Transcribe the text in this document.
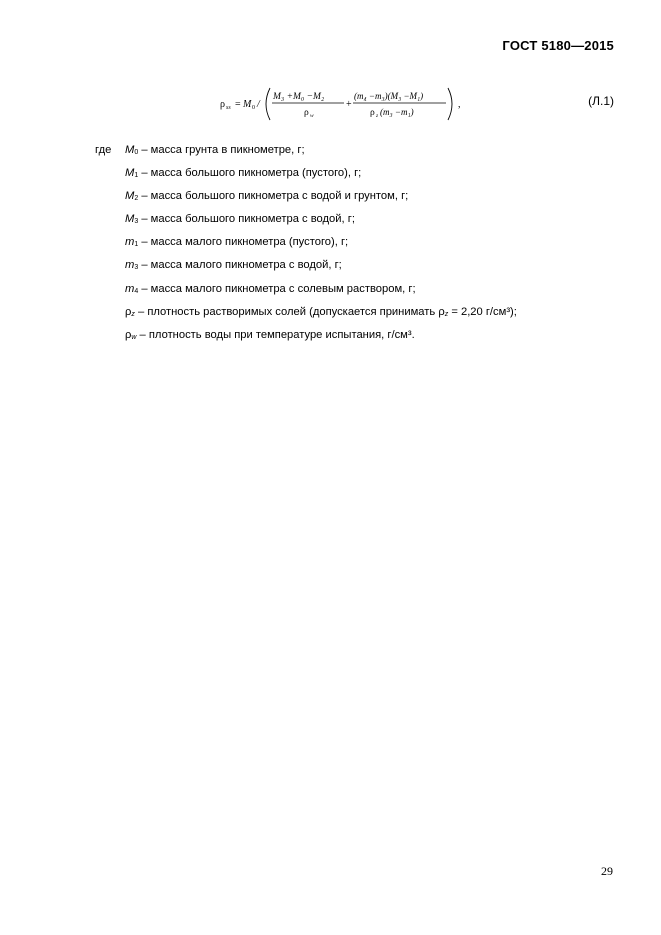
ГОСТ 5180—2015
ρ ss = M 0 /
M₃ +M₀ −M₂
ρ w
+
(m₄ −m₃)(M₃ −M₁)
ρ z (m₃ −m₁)
,	(Л.1)
где $M_0$ – масса грунта в пикнометре, г;
$M_1$ – масса большого пикнометра (пустого), г;
$M_2$ – масса большого пикнометра с водой и грунтом, г;
$M_3$ – масса большого пикнометра с водой, г;
$m_1$ – масса малого пикнометра (пустого), г;
$m_3$ – масса малого пикнометра с водой, г;
$m_4$ – масса малого пикнометра с солевым раствором, г;
$\rho_z$ – плотность растворимых солей (допускается принимать $\rho_z = 2,20$ г/см³);
$\rho_w$ – плотность воды при температуре испытания, г/см³.
29
